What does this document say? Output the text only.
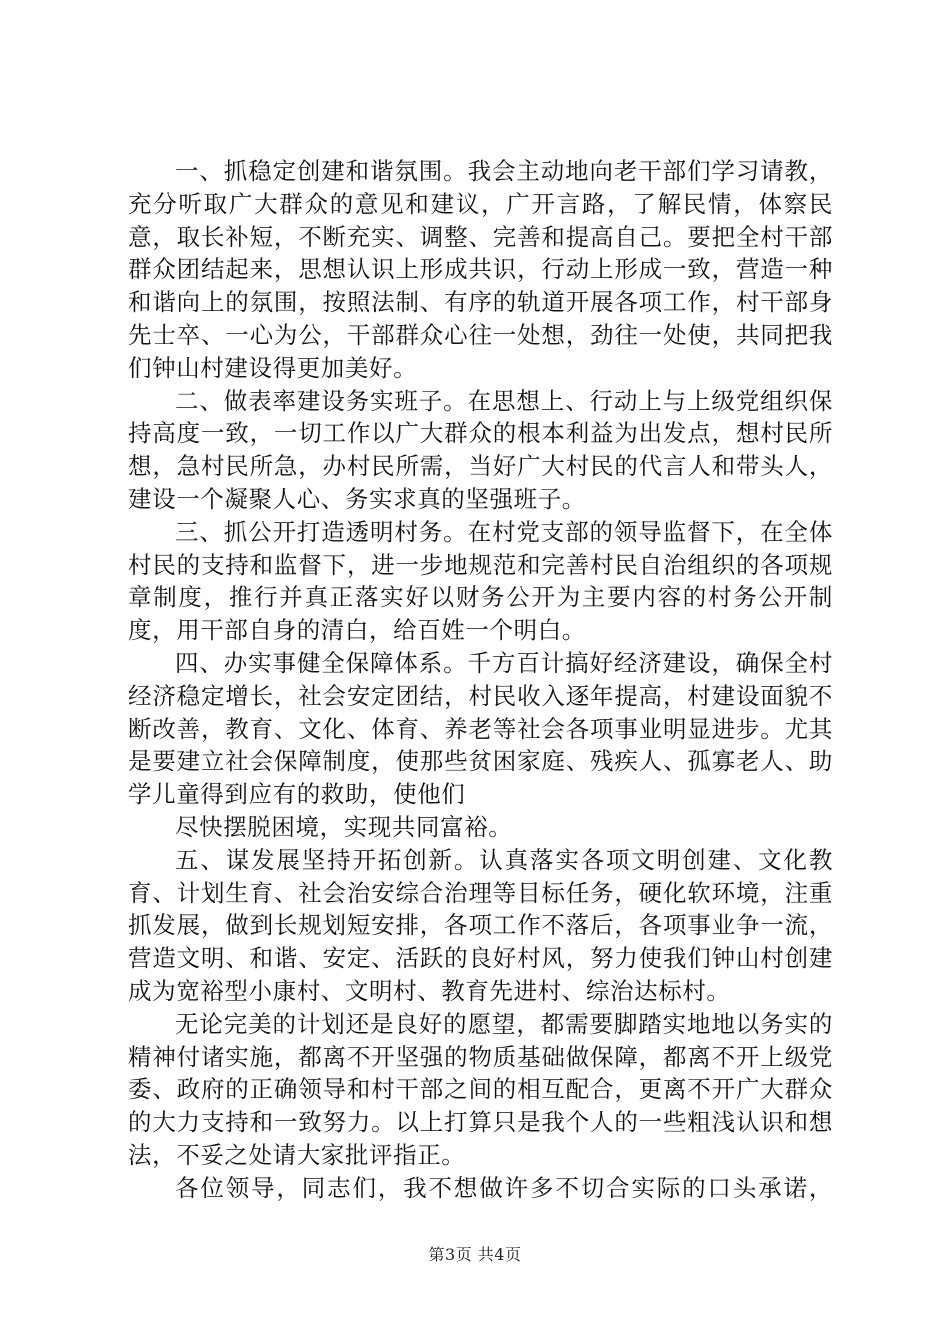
一、抓稳定创建和谐氛围。我会主动地向老干部们学习请教，充分听取广大群众的意见和建议，广开言路，了解民情，体察民意，取长补短，不断充实、调整、完善和提高自己。要把全村干部群众团结起来，思想认识上形成共识，行动上形成一致，营造一种和谐向上的氛围，按照法制、有序的轨道开展各项工作，村干部身先士卒、一心为公，干部群众心往一处想，劲往一处使，共同把我们钟山村建设得更加美好。

二、做表率建设务实班子。在思想上、行动上与上级党组织保持高度一致，一切工作以广大群众的根本利益为出发点，想村民所想，急村民所急，办村民所需，当好广大村民的代言人和带头人，建设一个凝聚人心、务实求真的坚强班子。

三、抓公开打造透明村务。在村党支部的领导监督下，在全体村民的支持和监督下，进一步地规范和完善村民自治组织的各项规章制度，推行并真正落实好以财务公开为主要内容的村务公开制度，用干部自身的清白，给百姓一个明白。

四、办实事健全保障体系。千方百计搞好经济建设，确保全村经济稳定增长，社会安定团结，村民收入逐年提高，村建设面貌不断改善，教育、文化、体育、养老等社会各项事业明显进步。尤其是要建立社会保障制度，使那些贫困家庭、残疾人、孤寡老人、助学儿童得到应有的救助，使他们

尽快摆脱困境，实现共同富裕。

五、谋发展坚持开拓创新。认真落实各项文明创建、文化教育、计划生育、社会治安综合治理等目标任务，硬化软环境，注重抓发展，做到长规划短安排，各项工作不落后，各项事业争一流，营造文明、和谐、安定、活跃的良好村风，努力使我们钟山村创建成为宽裕型小康村、文明村、教育先进村、综治达标村。

无论完美的计划还是良好的愿望，都需要脚踏实地地以务实的精神付诸实施，都离不开坚强的物质基础做保障，都离不开上级党委、政府的正确领导和村干部之间的相互配合，更离不开广大群众的大力支持和一致努力。以上打算只是我个人的一些粗浅认识和想法，不妥之处请大家批评指正。

各位领导，同志们，我不想做许多不切合实际的口头承诺，

第3页 共4页
